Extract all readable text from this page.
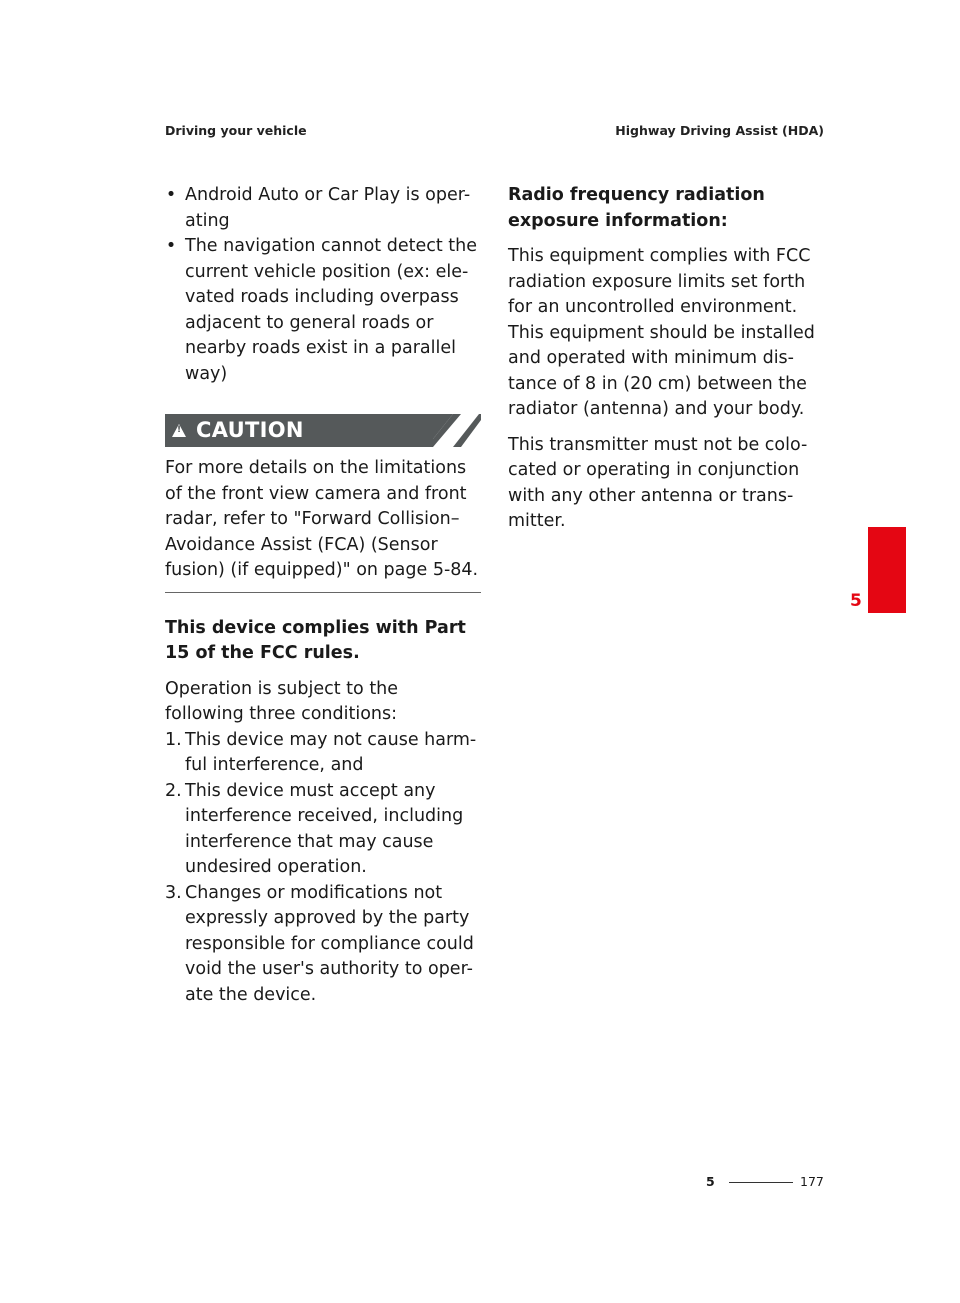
Driving your vehicle	Highway Driving Assist (HDA)
• Android Auto or Car Play is oper-ating
• The navigation cannot detect the current vehicle position (ex: ele-vated roads including overpass adjacent to general roads or nearby roads exist in a parallel way)
!
CAUTION
For more details on the limitations of the front view camera and front radar, refer to "Forward Collision–Avoidance Assist (FCA) (Sensor fusion) (if equipped)" on page 5-84.
This device complies with Part 15 of the FCC rules.
Operation is subject to the following three conditions:
1. This device may not cause harm-ful interference, and
2. This device must accept any interference received, including interference that may cause undesired operation.
3. Changes or modifications not expressly approved by the party responsible for compliance could void the user's authority to oper-ate the device.
Radio frequency radiation exposure information:
This equipment complies with FCC radiation exposure limits set forth for an uncontrolled environment. This equipment should be installed and operated with minimum dis-tance of 8 in (20 cm) between the radiator (antenna) and your body.
This transmitter must not be colo-cated or operating in conjunction with any other antenna or trans-mitter.
5
5	177
